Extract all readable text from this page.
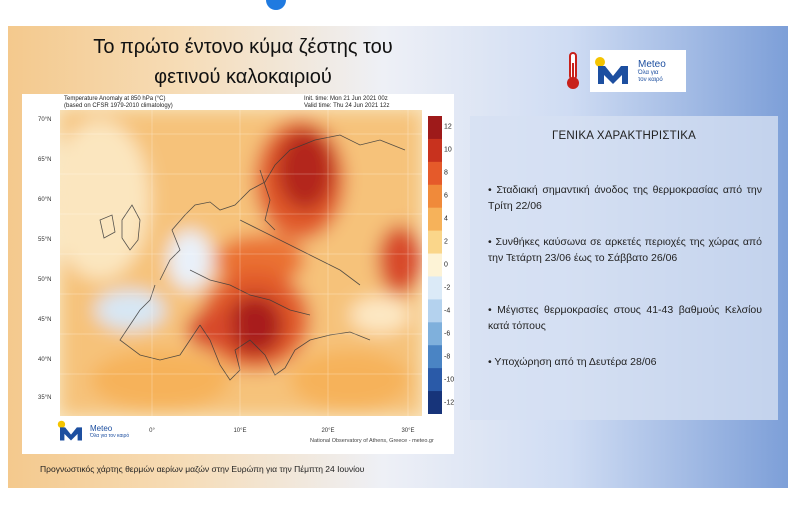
Το πρώτο έντονο κύμα ζέστης του
φετινού καλοκαιριού
Meteo
Όλα για
τον καιρό
Temperature Anomaly at 850 hPa (°C)
(based on CFSR 1979-2010 climatology)
Init. time: Mon 21 Jun 2021 00z
Valid time: Thu 24 Jun 2021 12z
70°N
65°N
60°N
55°N
50°N
45°N
40°N
35°N
0°	10°E	20°E	30°E
12
10
8
6
4
2
0
-2
-4
-6
-8
-10
-12
Meteo
Όλα για τον καιρό
National Observatory of Athens, Greece - meteo.gr
Προγνωστικός χάρτης θερμών αερίων μαζών στην Ευρώπη για την Πέμπτη 24 Ιουνίου
ΓΕΝΙΚΑ ΧΑΡΑΚΤΗΡΙΣΤΙΚΑ
• Σταδιακή σημαντική άνοδος της θερμοκρασίας από την Τρίτη 22/06
• Συνθήκες καύσωνα σε αρκετές περιοχές της χώρας από την Τετάρτη 23/06 έως το Σάββατο 26/06
• Μέγιστες θερμοκρασίες στους 41-43 βαθμούς Κελσίου κατά τόπους
• Υποχώρηση από τη Δευτέρα 28/06
